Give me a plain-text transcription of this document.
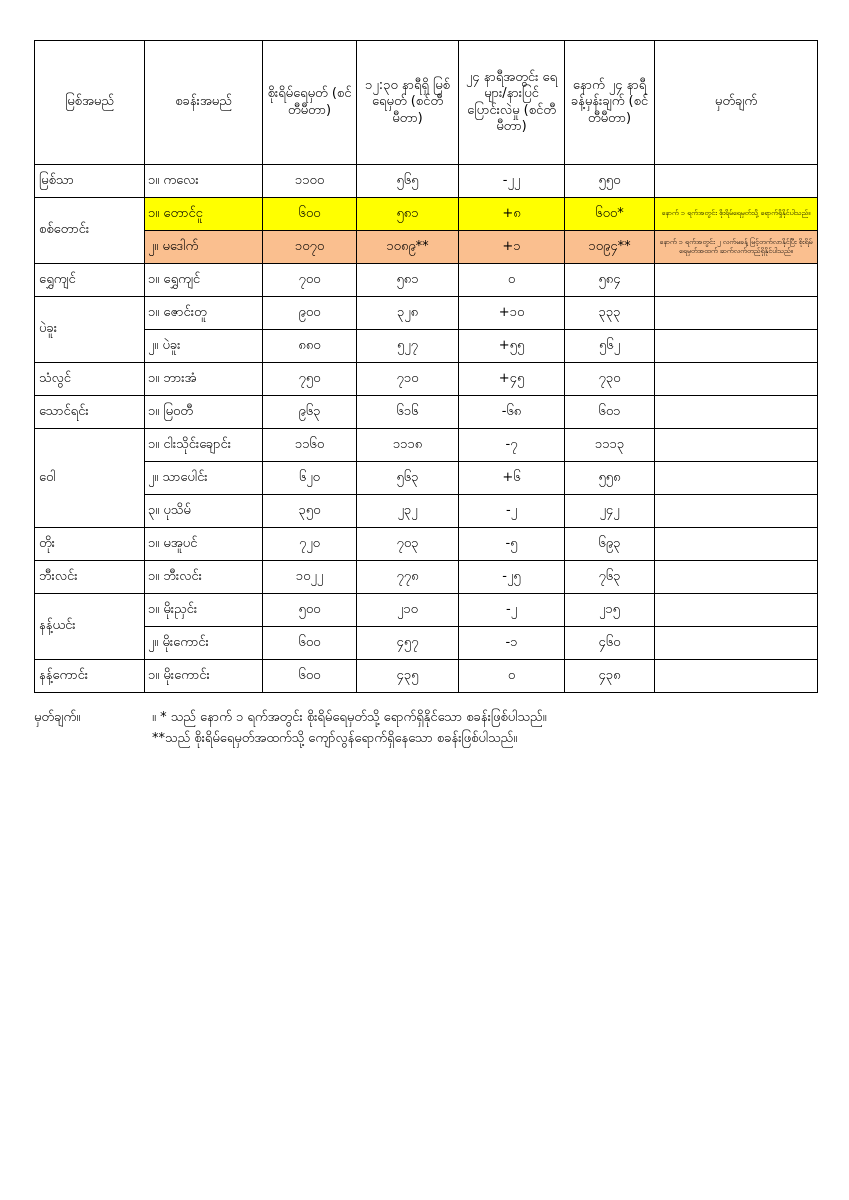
မြစ်အမည်	စခန်းအမည်	စိုးရိမ်ရေမှတ် (စင်တီမီတာ)	၁၂:၃၀ နာရီရှိ မြစ်ရေမှတ် (စင်တီမီတာ)	၂၄ နာရီအတွင်း ရေများ/နားပြင် ပြောင်းလဲမှု (စင်တီမီတာ)	နောက် ၂၄ နာရီ ခန့်မှန်းချက် (စင်တီမီတာ)	မှတ်ချက်
မြစ်သာ	၁။ ကလေး	၁၁၀၀	၅၆၅	-၂၂	၅၅၀	
စစ်တောင်း	၁။ တောင်ငူ	၆၀၀	၅၈၁	+၈	၆၀၀*	နောက် ၁ ရက်အတွင်း စိုးရိမ်ရေမှတ်သို့ ရောက်ရှိနိုင်ပါသည်။
	၂။ မဒေါက်	၁၀၇၀	၁၀၈၉**	+၁	၁၀၉၄**	နောက် ၁ ရက်အတွင်း ၂ လက်မခန့် မြင့်တက်လာနိုင်ပြီး စိုးရိမ်ရေမှတ်အထက် ဆက်လက်တည်ရှိနိုင်ပါသည်။
ရွှေကျင်	၁။ ရွှေကျင်	၇၀၀	၅၈၁	၀	၅၈၄	
ပဲခူး	၁။ ဇောင်းတူ	၉၀၀	၃၂၈	+၁၀	၃၃၃	
	၂။ ပဲခူး	၈၈၀	၅၂၇	+၅၅	၅၆၂	
သံလွင်	၁။ ဘားအံ	၇၅၀	၇၁၀	+၄၅	၇၃၀	
သောင်ရင်း	၁။ မြဝတီ	၉၆၃	၆၁၆	-၆၈	၆၀၁	
ဝေါ	၁။ ငါးသိုင်းချောင်း	၁၁၆၀	၁၁၁၈	-၇	၁၁၁၃	
	၂။ သာပေါင်း	၆၂၀	၅၆၃	+၆	၅၅၈	
	၃။ ပုသိမ်	၃၅၀	၂၃၂	-၂	၂၄၂	
တိုး	၁။ မအူပင်	၇၂၀	၇၀၃	-၅	၆၉၃	
ဘီးလင်း	၁။ ဘီးလင်း	၁၀၂၂	၇၇၈	-၂၅	၇၆၃	
နန့်ယင်း	၁။ မိုးညှင်း	၅၀၀	၂၁၀	-၂	၂၁၅	
	၂။ မိုးကောင်း	၆၀၀	၄၅၇	-၁	၄၆၀	
နန့်ကောင်း	၁။ မိုးကောင်း	၆၀၀	၄၃၅	၀	၄၃၈	
မှတ်ချက်။	။ * သည် နောက် ၁ ရက်အတွင်း စိုးရိမ်ရေမှတ်သို့ ရောက်ရှိနိုင်သော စခန်းဖြစ်ပါသည်။
**သည် စိုးရိမ်ရေမှတ်အထက်သို့ ကျော်လွန်ရောက်ရှိနေသော စခန်းဖြစ်ပါသည်။
